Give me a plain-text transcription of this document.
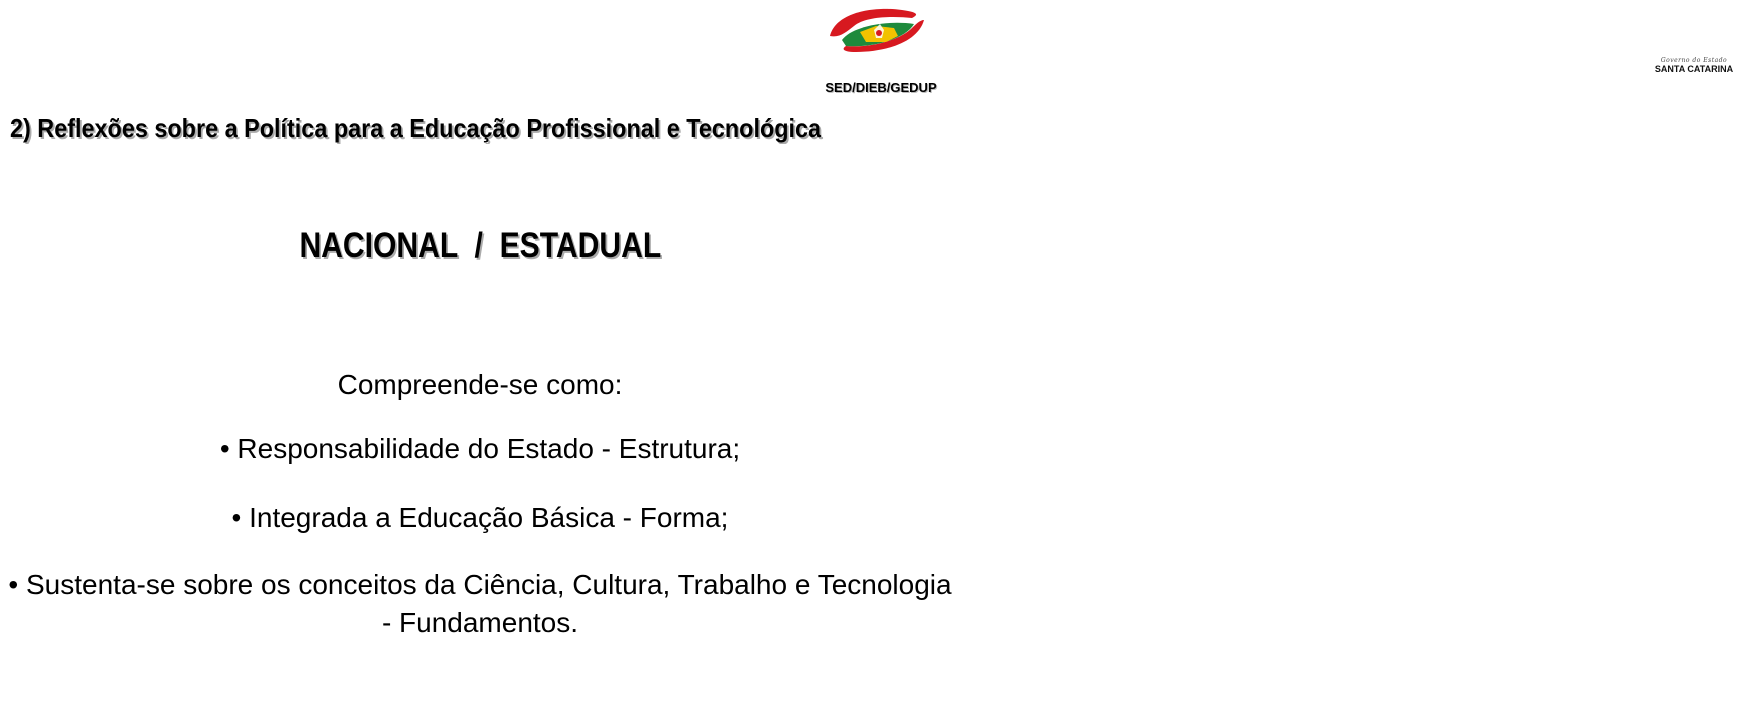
Governo do Estado
SANTA CATARINA
SED/DIEB/GEDUP
2) Reflexões sobre a Política para a Educação Profissional e Tecnológica
NACIONAL  /  ESTADUAL

Compreende-se como:

• Responsabilidade do Estado - Estrutura;
• Integrada a Educação Básica - Forma;
• Sustenta-se sobre os conceitos da Ciência, Cultura, Trabalho e Tecnologia - Fundamentos.
